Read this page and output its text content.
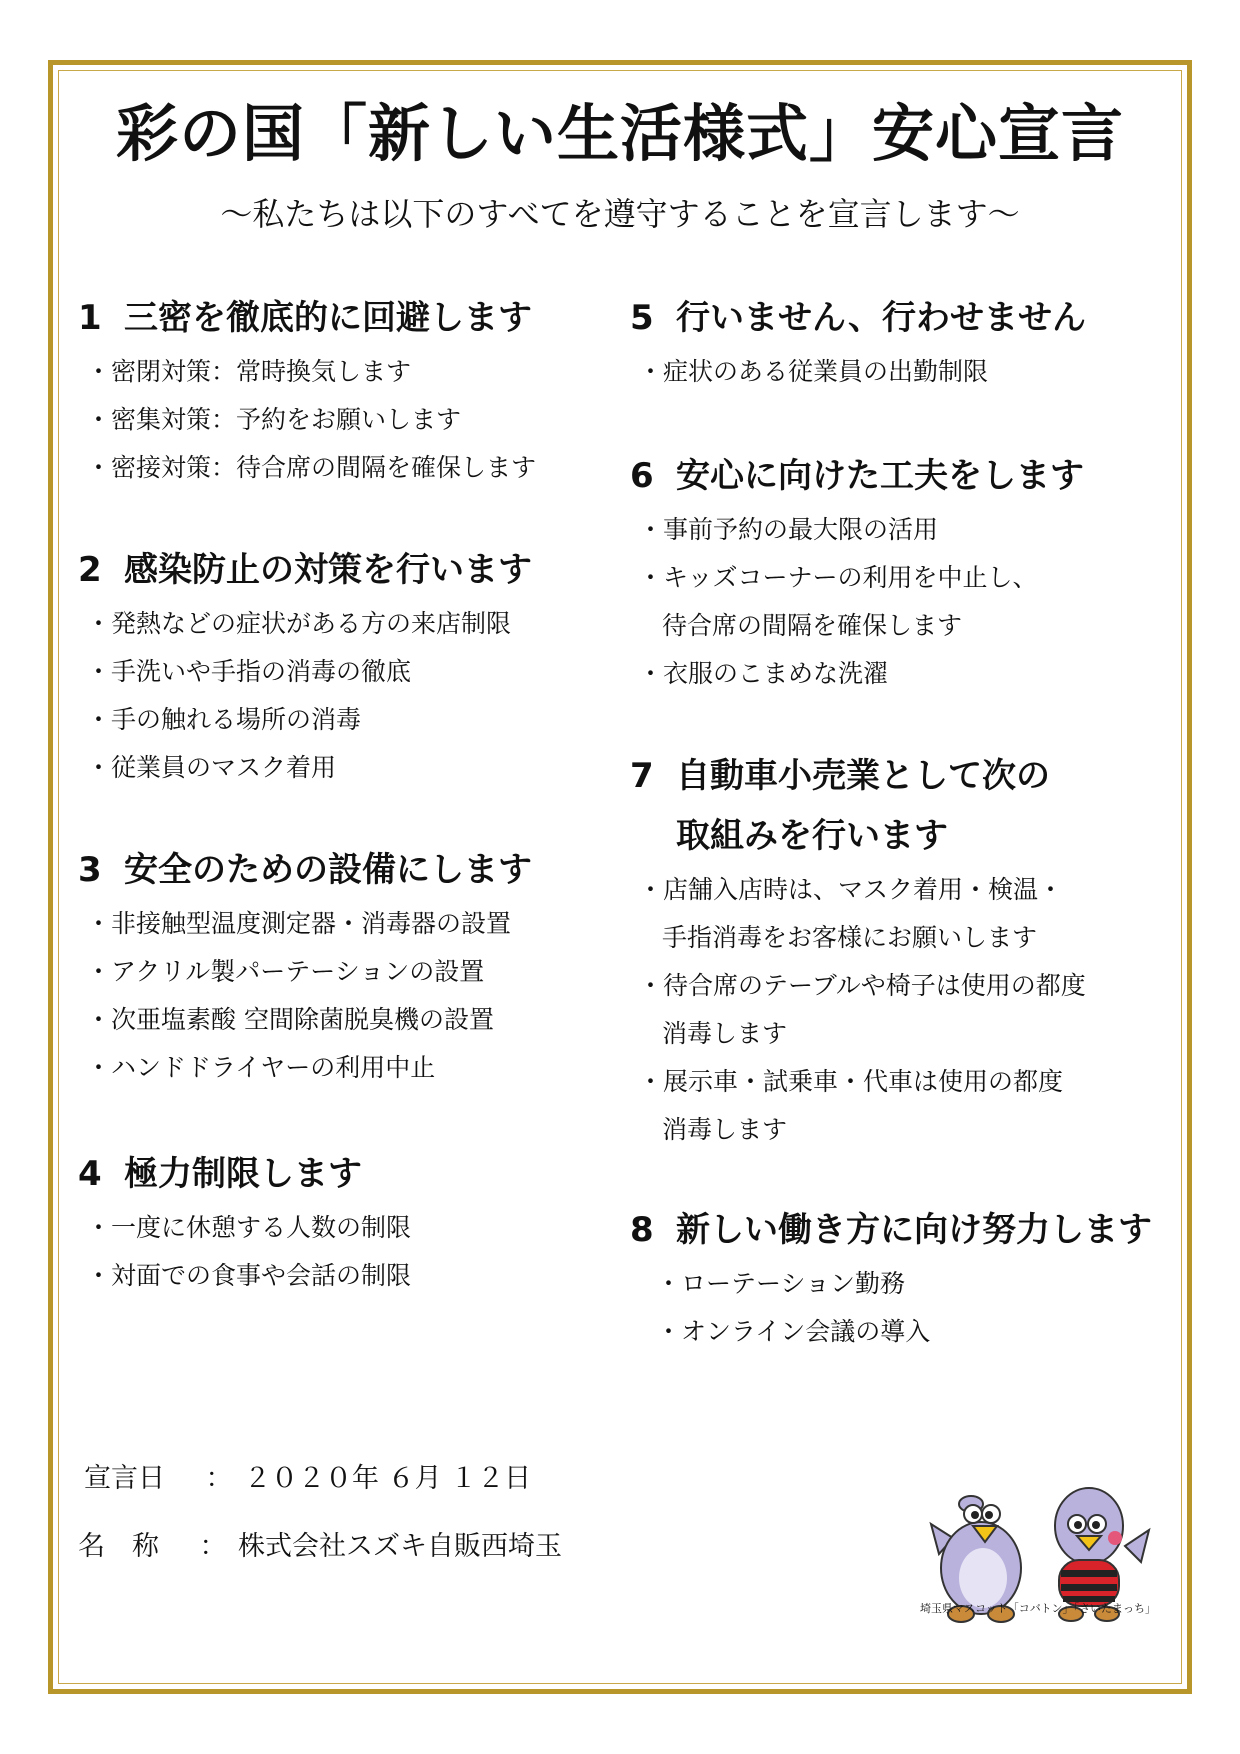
彩の国「新しい生活様式」安心宣言
～私たちは以下のすべてを遵守することを宣言します～
1 三密を徹底的に回避します
・密閉対策：常時換気します
・密集対策：予約をお願いします
・密接対策：待合席の間隔を確保します
2 感染防止の対策を行います
・発熱などの症状がある方の来店制限
・手洗いや手指の消毒の徹底
・手の触れる場所の消毒
・従業員のマスク着用
3 安全のための設備にします
・非接触型温度測定器・消毒器の設置
・アクリル製パーテーションの設置
・次亜塩素酸 空間除菌脱臭機の設置
・ハンドドライヤーの利用中止
4 極力制限します
・一度に休憩する人数の制限
・対面での食事や会話の制限
5 行いません、行わせません
・症状のある従業員の出勤制限
6 安心に向けた工夫をします
・事前予約の最大限の活用
・キッズコーナーの利用を中止し、
待合席の間隔を確保します
・衣服のこまめな洗濯
7 自動車小売業として次の
取組みを行います
・店舗入店時は、マスク着用・検温・
手指消毒をお客様にお願いします
・待合席のテーブルや椅子は使用の都度
消毒します
・展示車・試乗車・代車は使用の都度
消毒します
8 新しい働き方に向け努力します
・ローテーション勤務
・オンライン会議の導入
宣言日 ： ２０２０年 ６月 １２日
名　称 ： 株式会社スズキ自販西埼玉
埼玉県マスコット「コバトン」「さいたまっち」
